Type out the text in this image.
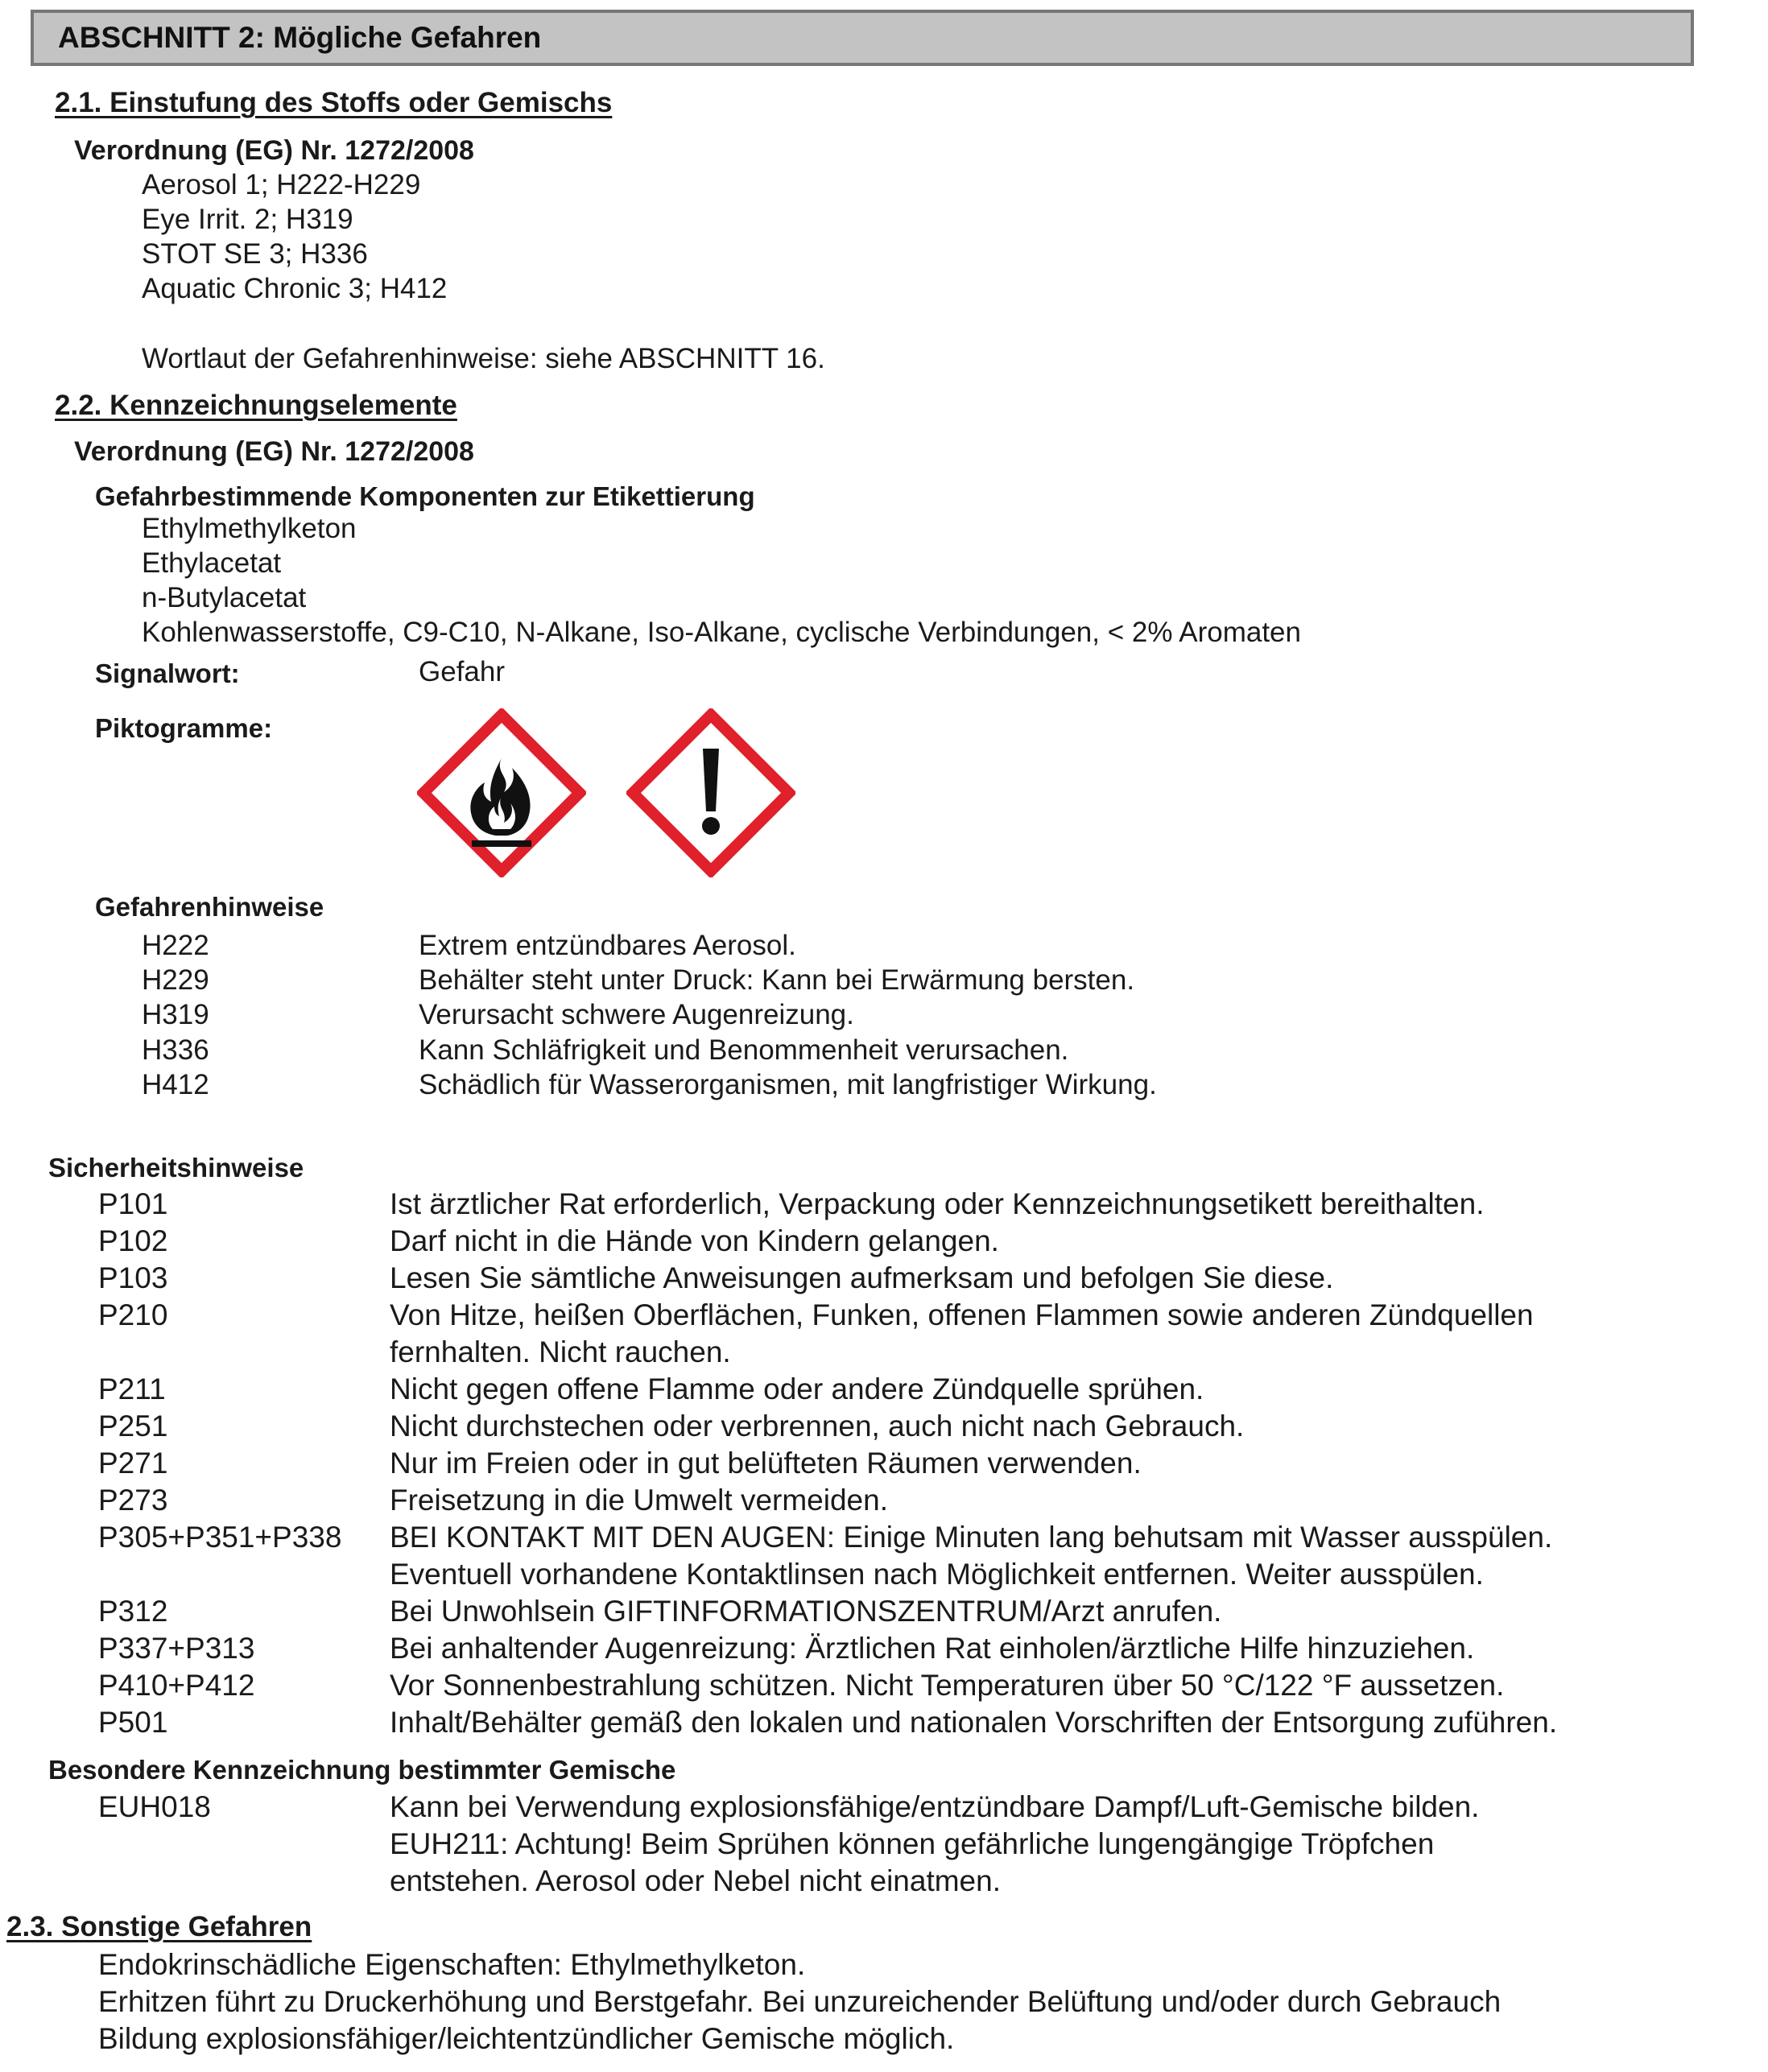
ABSCHNITT 2: Mögliche Gefahren
2.1. Einstufung des Stoffs oder Gemischs
Verordnung (EG) Nr. 1272/2008
Aerosol 1; H222-H229
Eye Irrit. 2; H319
STOT SE 3; H336
Aquatic Chronic 3; H412
Wortlaut der Gefahrenhinweise: siehe ABSCHNITT 16.
2.2. Kennzeichnungselemente
Verordnung (EG) Nr. 1272/2008
Gefahrbestimmende Komponenten zur Etikettierung
Ethylmethylketon
Ethylacetat
n-Butylacetat
Kohlenwasserstoffe, C9-C10, N-Alkane, Iso-Alkane, cyclische Verbindungen, < 2% Aromaten
Signalwort:	Gefahr
Piktogramme:
Gefahrenhinweise
H222	Extrem entzündbares Aerosol.
H229	Behälter steht unter Druck: Kann bei Erwärmung bersten.
H319	Verursacht schwere Augenreizung.
H336	Kann Schläfrigkeit und Benommenheit verursachen.
H412	Schädlich für Wasserorganismen, mit langfristiger Wirkung.
Sicherheitshinweise
P101	Ist ärztlicher Rat erforderlich, Verpackung oder Kennzeichnungsetikett bereithalten.
P102	Darf nicht in die Hände von Kindern gelangen.
P103	Lesen Sie sämtliche Anweisungen aufmerksam und befolgen Sie diese.
P210	Von Hitze, heißen Oberflächen, Funken, offenen Flammen sowie anderen Zündquellen
fernhalten. Nicht rauchen.
P211	Nicht gegen offene Flamme oder andere Zündquelle sprühen.
P251	Nicht durchstechen oder verbrennen, auch nicht nach Gebrauch.
P271	Nur im Freien oder in gut belüfteten Räumen verwenden.
P273	Freisetzung in die Umwelt vermeiden.
P305+P351+P338 BEI KONTAKT MIT DEN AUGEN: Einige Minuten lang behutsam mit Wasser ausspülen.
Eventuell vorhandene Kontaktlinsen nach Möglichkeit entfernen. Weiter ausspülen.
P312	Bei Unwohlsein GIFTINFORMATIONSZENTRUM/Arzt anrufen.
P337+P313	Bei anhaltender Augenreizung: Ärztlichen Rat einholen/ärztliche Hilfe hinzuziehen.
P410+P412	Vor Sonnenbestrahlung schützen. Nicht Temperaturen über 50 °C/122 °F aussetzen.
P501	Inhalt/Behälter gemäß den lokalen und nationalen Vorschriften der Entsorgung zuführen.
Besondere Kennzeichnung bestimmter Gemische
EUH018	Kann bei Verwendung explosionsfähige/entzündbare Dampf/Luft-Gemische bilden.
EUH211: Achtung! Beim Sprühen können gefährliche lungengängige Tröpfchen
entstehen. Aerosol oder Nebel nicht einatmen.
2.3. Sonstige Gefahren
Endokrinschädliche Eigenschaften: Ethylmethylketon.
Erhitzen führt zu Druckerhöhung und Berstgefahr. Bei unzureichender Belüftung und/oder durch Gebrauch
Bildung explosionsfähiger/leichtentzündlicher Gemische möglich.
